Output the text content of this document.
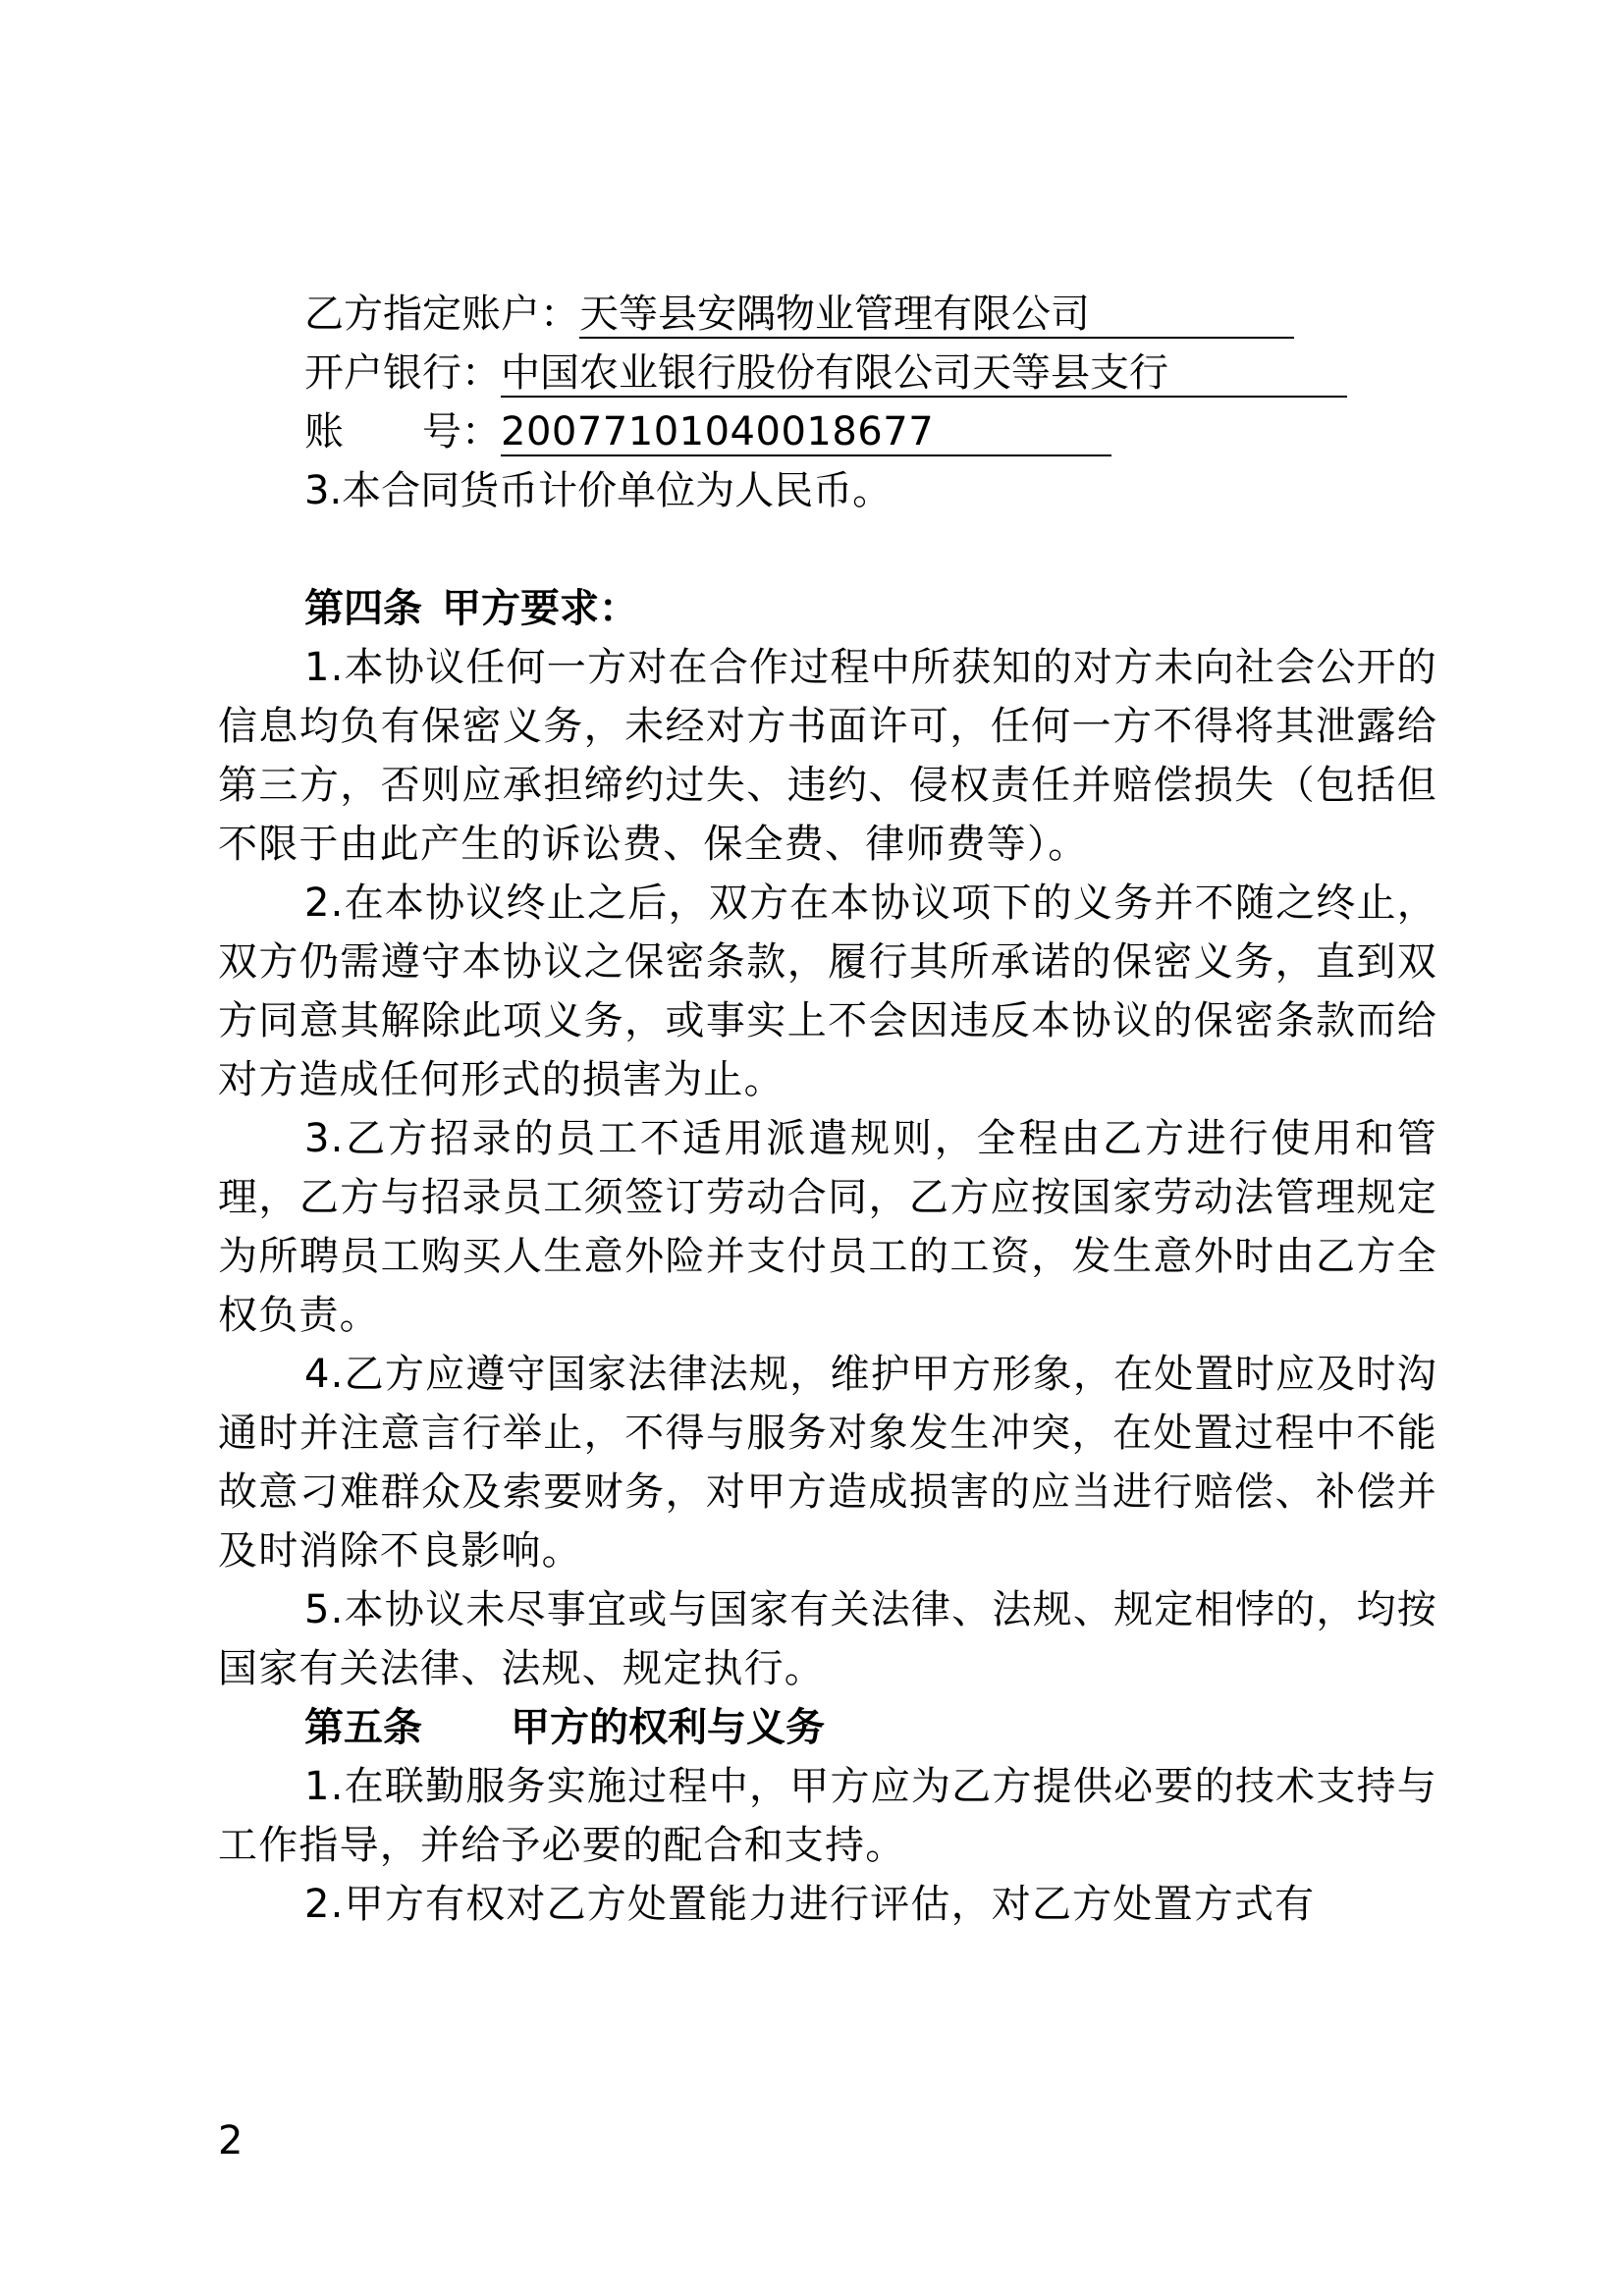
乙方指定账户：天等县安隅物业管理有限公司
开户银行：中国农业银行股份有限公司天等县支行
账　　号：20077101040018677
3.本合同货币计价单位为人民币。

第四条 甲方要求：

1.本协议任何一方对在合作过程中所获知的对方未向社会公开的信息均负有保密义务，未经对方书面许可，任何一方不得将其泄露给第三方，否则应承担缔约过失、违约、侵权责任并赔偿损失（包括但不限于由此产生的诉讼费、保全费、律师费等）。

2.在本协议终止之后，双方在本协议项下的义务并不随之终止，双方仍需遵守本协议之保密条款，履行其所承诺的保密义务，直到双方同意其解除此项义务，或事实上不会因违反本协议的保密条款而给对方造成任何形式的损害为止。

3.乙方招录的员工不适用派遣规则，全程由乙方进行使用和管理，乙方与招录员工须签订劳动合同，乙方应按国家劳动法管理规定为所聘员工购买人生意外险并支付员工的工资，发生意外时由乙方全权负责。

4.乙方应遵守国家法律法规，维护甲方形象，在处置时应及时沟通时并注意言行举止，不得与服务对象发生冲突，在处置过程中不能故意刁难群众及索要财务，对甲方造成损害的应当进行赔偿、补偿并及时消除不良影响。

5.本协议未尽事宜或与国家有关法律、法规、规定相悖的，均按国家有关法律、法规、规定执行。

第五条 甲方的权利与义务

1.在联勤服务实施过程中，甲方应为乙方提供必要的技术支持与工作指导，并给予必要的配合和支持。

2.甲方有权对乙方处置能力进行评估，对乙方处置方式有

2
